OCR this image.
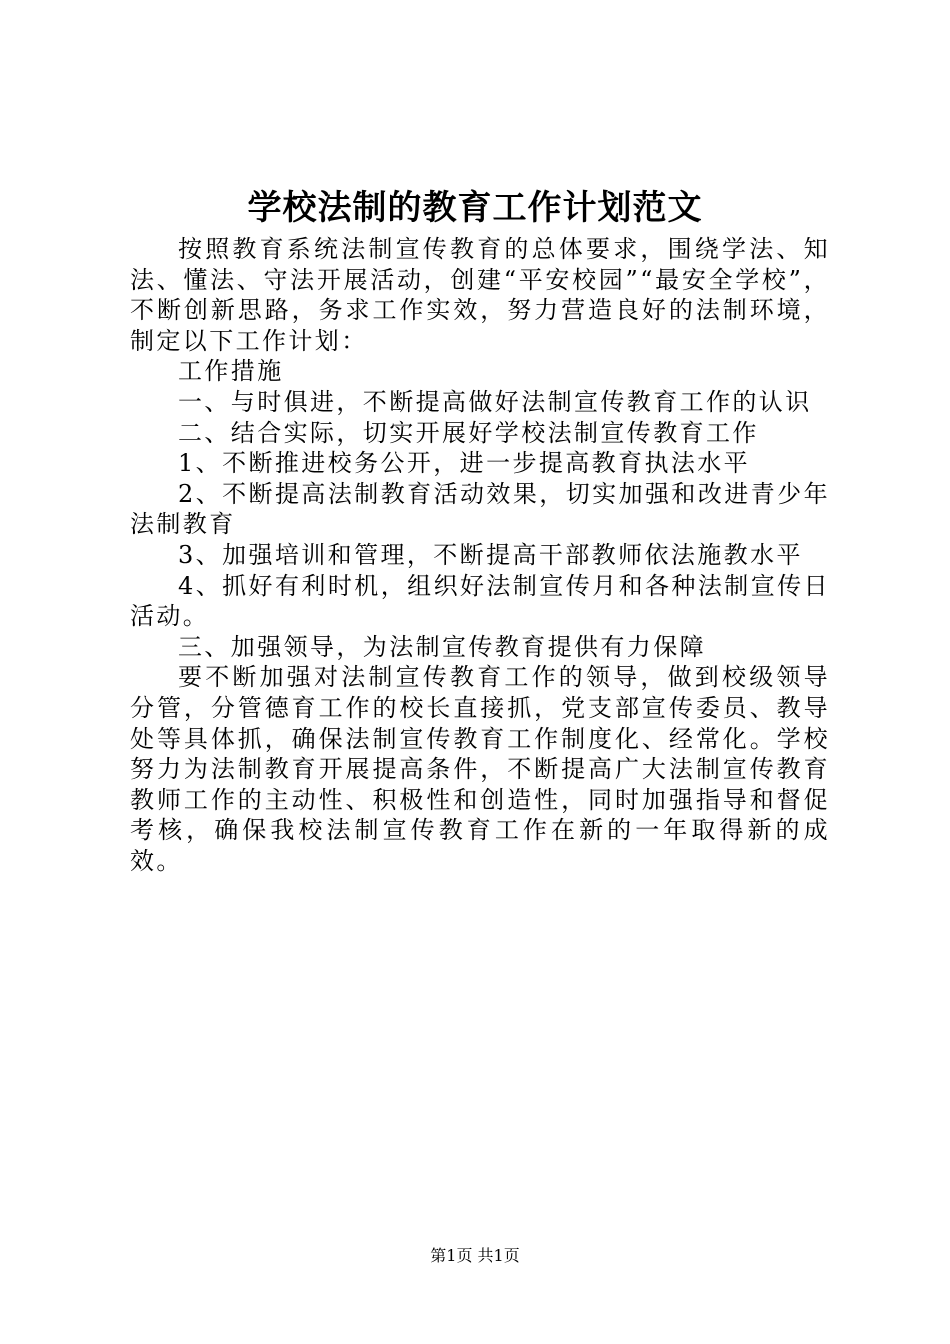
学校法制的教育工作计划范文

按照教育系统法制宣传教育的总体要求，围绕学法、知法、懂法、守法开展活动，创建“平安校园”“最安全学校”，不断创新思路，务求工作实效，努力营造良好的法制环境，制定以下工作计划：

工作措施

一、与时俱进，不断提高做好法制宣传教育工作的认识

二、结合实际，切实开展好学校法制宣传教育工作

1、不断推进校务公开，进一步提高教育执法水平

2、不断提高法制教育活动效果，切实加强和改进青少年法制教育

3、加强培训和管理，不断提高干部教师依法施教水平

4、抓好有利时机，组织好法制宣传月和各种法制宣传日活动。

三、加强领导，为法制宣传教育提供有力保障

要不断加强对法制宣传教育工作的领导，做到校级领导分管，分管德育工作的校长直接抓，党支部宣传委员、教导处等具体抓，确保法制宣传教育工作制度化、经常化。学校努力为法制教育开展提高条件，不断提高广大法制宣传教育教师工作的主动性、积极性和创造性，同时加强指导和督促考核，确保我校法制宣传教育工作在新的一年取得新的成效。

第1页 共1页
